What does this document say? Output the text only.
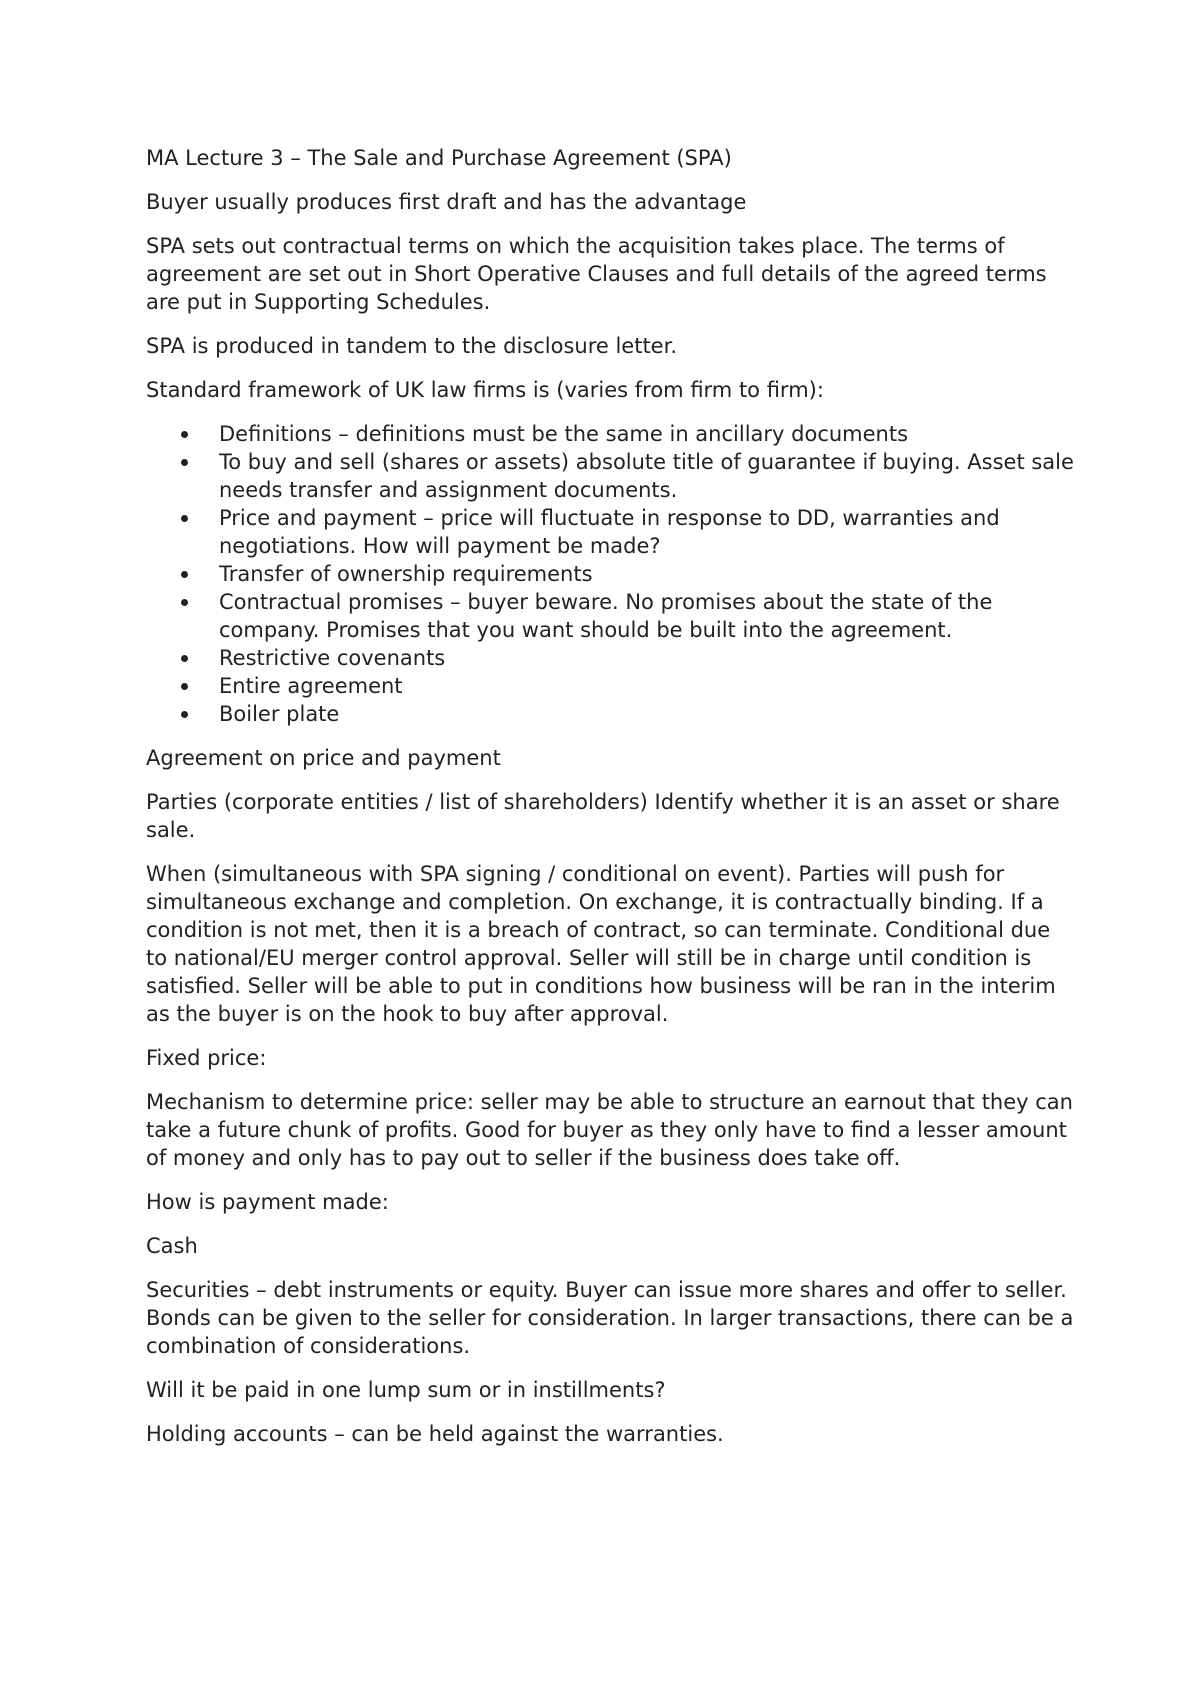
MA Lecture 3 – The Sale and Purchase Agreement (SPA)

Buyer usually produces first draft and has the advantage

SPA sets out contractual terms on which the acquisition takes place. The terms of agreement are set out in Short Operative Clauses and full details of the agreed terms are put in Supporting Schedules.

SPA is produced in tandem to the disclosure letter.

Standard framework of UK law firms is (varies from firm to firm):

Definitions – definitions must be the same in ancillary documents
To buy and sell (shares or assets) absolute title of guarantee if buying. Asset sale needs transfer and assignment documents.
Price and payment – price will fluctuate in response to DD, warranties and negotiations. How will payment be made?
Transfer of ownership requirements
Contractual promises – buyer beware. No promises about the state of the company. Promises that you want should be built into the agreement.
Restrictive covenants
Entire agreement
Boiler plate

Agreement on price and payment

Parties (corporate entities / list of shareholders) Identify whether it is an asset or share sale.

When (simultaneous with SPA signing / conditional on event). Parties will push for simultaneous exchange and completion. On exchange, it is contractually binding. If a condition is not met, then it is a breach of contract, so can terminate. Conditional due to national/EU merger control approval. Seller will still be in charge until condition is satisfied. Seller will be able to put in conditions how business will be ran in the interim as the buyer is on the hook to buy after approval.

Fixed price:

Mechanism to determine price: seller may be able to structure an earnout that they can take a future chunk of profits. Good for buyer as they only have to find a lesser amount of money and only has to pay out to seller if the business does take off.

How is payment made:

Cash

Securities – debt instruments or equity. Buyer can issue more shares and offer to seller. Bonds can be given to the seller for consideration. In larger transactions, there can be a combination of considerations.

Will it be paid in one lump sum or in instillments?

Holding accounts – can be held against the warranties.
